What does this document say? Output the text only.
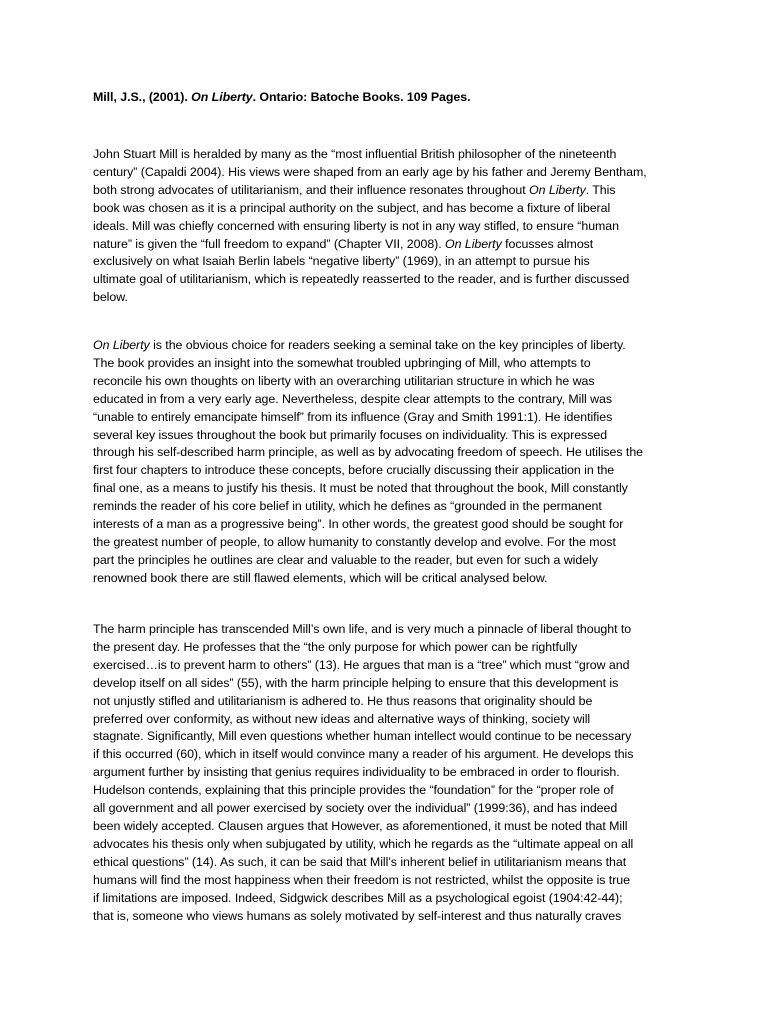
Mill, J.S., (2001). On Liberty. Ontario: Batoche Books. 109 Pages.

John Stuart Mill is heralded by many as the “most influential British philosopher of the nineteenth
century” (Capaldi 2004). His views were shaped from an early age by his father and Jeremy Bentham,
both strong advocates of utilitarianism, and their influence resonates throughout On Liberty. This
book was chosen as it is a principal authority on the subject, and has become a fixture of liberal
ideals. Mill was chiefly concerned with ensuring liberty is not in any way stifled, to ensure “human
nature” is given the “full freedom to expand” (Chapter VII, 2008). On Liberty focusses almost
exclusively on what Isaiah Berlin labels “negative liberty” (1969), in an attempt to pursue his
ultimate goal of utilitarianism, which is repeatedly reasserted to the reader, and is further discussed
below.
On Liberty is the obvious choice for readers seeking a seminal take on the key principles of liberty.
The book provides an insight into the somewhat troubled upbringing of Mill, who attempts to
reconcile his own thoughts on liberty with an overarching utilitarian structure in which he was
educated in from a very early age. Nevertheless, despite clear attempts to the contrary, Mill was
“unable to entirely emancipate himself” from its influence (Gray and Smith 1991:1). He identifies
several key issues throughout the book but primarily focuses on individuality. This is expressed
through his self-described harm principle, as well as by advocating freedom of speech. He utilises the
first four chapters to introduce these concepts, before crucially discussing their application in the
final one, as a means to justify his thesis. It must be noted that throughout the book, Mill constantly
reminds the reader of his core belief in utility, which he defines as “grounded in the permanent
interests of a man as a progressive being”. In other words, the greatest good should be sought for
the greatest number of people, to allow humanity to constantly develop and evolve. For the most
part the principles he outlines are clear and valuable to the reader, but even for such a widely
renowned book there are still flawed elements, which will be critical analysed below.
The harm principle has transcended Mill’s own life, and is very much a pinnacle of liberal thought to
the present day. He professes that the “the only purpose for which power can be rightfully
exercised…is to prevent harm to others” (13). He argues that man is a “tree” which must “grow and
develop itself on all sides” (55), with the harm principle helping to ensure that this development is
not unjustly stifled and utilitarianism is adhered to. He thus reasons that originality should be
preferred over conformity, as without new ideas and alternative ways of thinking, society will
stagnate. Significantly, Mill even questions whether human intellect would continue to be necessary
if this occurred (60), which in itself would convince many a reader of his argument. He develops this
argument further by insisting that genius requires individuality to be embraced in order to flourish.
Hudelson contends, explaining that this principle provides the “foundation” for the “proper role of
all government and all power exercised by society over the individual” (1999:36), and has indeed
been widely accepted. Clausen argues that However, as aforementioned, it must be noted that Mill
advocates his thesis only when subjugated by utility, which he regards as the “ultimate appeal on all
ethical questions” (14). As such, it can be said that Mill’s inherent belief in utilitarianism means that
humans will find the most happiness when their freedom is not restricted, whilst the opposite is true
if limitations are imposed. Indeed, Sidgwick describes Mill as a psychological egoist (1904:42-44);
that is, someone who views humans as solely motivated by self-interest and thus naturally craves
